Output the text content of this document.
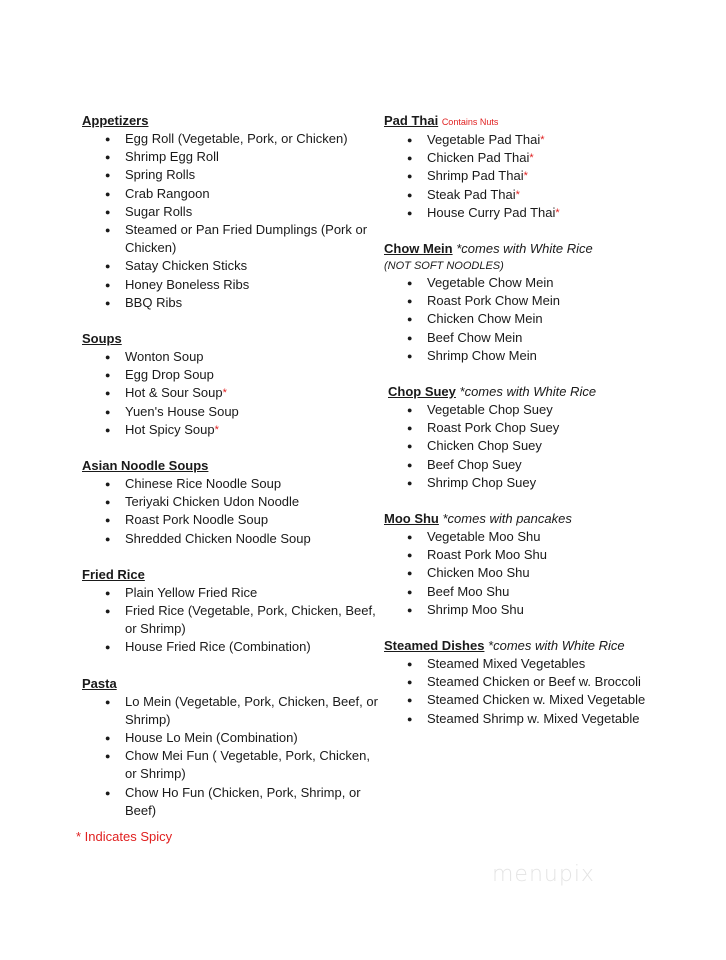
Appetizers
● Egg Roll (Vegetable, Pork, or Chicken)
● Shrimp Egg Roll
● Spring Rolls
● Crab Rangoon
● Sugar Rolls
● Steamed or Pan Fried Dumplings (Pork or Chicken)
● Satay Chicken Sticks
● Honey Boneless Ribs
● BBQ Ribs
Soups
● Wonton Soup
● Egg Drop Soup
● Hot & Sour Soup*
● Yuen's House Soup
● Hot Spicy Soup*
Asian Noodle Soups
● Chinese Rice Noodle Soup
● Teriyaki Chicken Udon Noodle
● Roast Pork Noodle Soup
● Shredded Chicken Noodle Soup
Fried Rice
● Plain Yellow Fried Rice
● Fried Rice (Vegetable, Pork, Chicken, Beef, or Shrimp)
● House Fried Rice (Combination)
Pasta
● Lo Mein (Vegetable, Pork, Chicken, Beef, or Shrimp)
● House Lo Mein (Combination)
● Chow Mei Fun ( Vegetable, Pork, Chicken, or Shrimp)
● Chow Ho Fun (Chicken, Pork, Shrimp, or Beef)
Pad Thai Contains Nuts
● Vegetable Pad Thai*
● Chicken Pad Thai*
● Shrimp Pad Thai*
● Steak Pad Thai*
● House Curry Pad Thai*
Chow Mein *comes with White Rice
(NOT SOFT NOODLES)
● Vegetable Chow Mein
● Roast Pork Chow Mein
● Chicken Chow Mein
● Beef Chow Mein
● Shrimp Chow Mein
Chop Suey *comes with White Rice
● Vegetable Chop Suey
● Roast Pork Chop Suey
● Chicken Chop Suey
● Beef Chop Suey
● Shrimp Chop Suey
Moo Shu *comes with pancakes
● Vegetable Moo Shu
● Roast Pork Moo Shu
● Chicken Moo Shu
● Beef Moo Shu
● Shrimp Moo Shu
Steamed Dishes *comes with White Rice
● Steamed Mixed Vegetables
● Steamed Chicken or Beef w. Broccoli
● Steamed Chicken w. Mixed Vegetable
● Steamed Shrimp w. Mixed Vegetable
* Indicates Spicy
menupix
